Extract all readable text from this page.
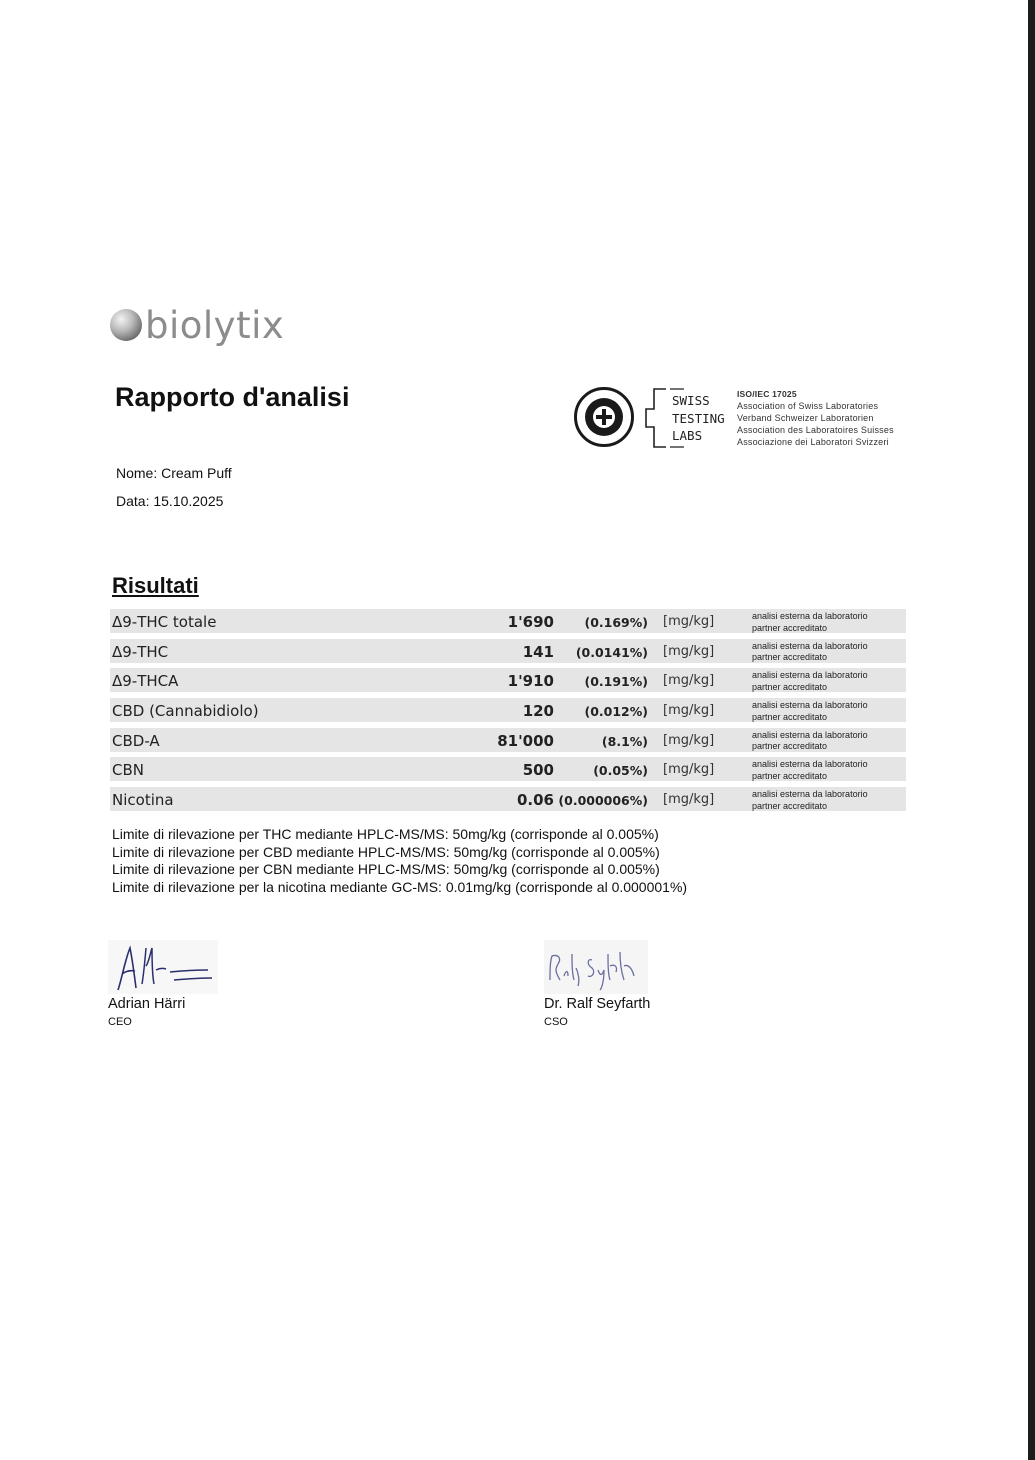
biolytix
Rapporto d'analisi	SWISS
TESTING
LABS
ISO/IEC 17025
Association of Swiss Laboratories
Verband Schweizer Laboratorien
Association des Laboratoires Suisses
Associazione dei Laboratori Svizzeri
Nome: Cream Puff
Data: 15.10.2025
Risultati
Δ9-THC totale	1'690 (0.169%) [mg/kg]	analisi esterna da laboratorio
partner accreditato
Δ9-THC	141 (0.0141%) [mg/kg]	analisi esterna da laboratorio
partner accreditato
Δ9-THCA	1'910 (0.191%) [mg/kg]	analisi esterna da laboratorio
partner accreditato
CBD (Cannabidiolo)	120 (0.012%) [mg/kg]	analisi esterna da laboratorio
partner accreditato
CBD-A	81'000	(8.1%) [mg/kg]	analisi esterna da laboratorio
partner accreditato
CBN	500	(0.05%) [mg/kg]	analisi esterna da laboratorio
partner accreditato
Nicotina	0.06 (0.000006%) [mg/kg]	analisi esterna da laboratorio
partner accreditato
Limite di rilevazione per THC mediante HPLC-MS/MS: 50mg/kg (corrisponde al 0.005%)
Limite di rilevazione per CBD mediante HPLC-MS/MS: 50mg/kg (corrisponde al 0.005%)
Limite di rilevazione per CBN mediante HPLC-MS/MS: 50mg/kg (corrisponde al 0.005%)
Limite di rilevazione per la nicotina mediante GC-MS: 0.01mg/kg (corrisponde al 0.000001%)
Adrian Härri
CEO
Dr. Ralf Seyfarth
CSO
